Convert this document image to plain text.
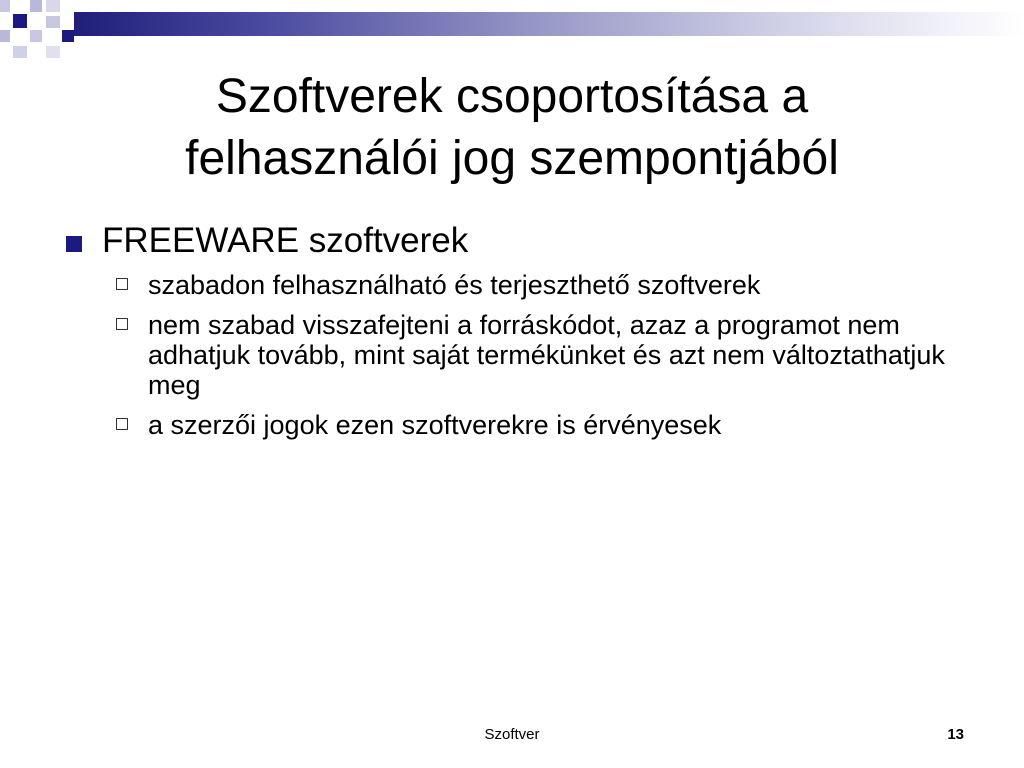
Szoftverek csoportosítása a
felhasználói jog szempontjából
FREEWARE szoftverek
szabadon felhasználható és terjeszthető szoftverek
nem szabad visszafejteni a forráskódot, azaz a programot nem adhatjuk tovább, mint saját termékünket és azt nem változtathatjuk meg
a szerzői jogok ezen szoftverekre is érvényesek
Szoftver	13
